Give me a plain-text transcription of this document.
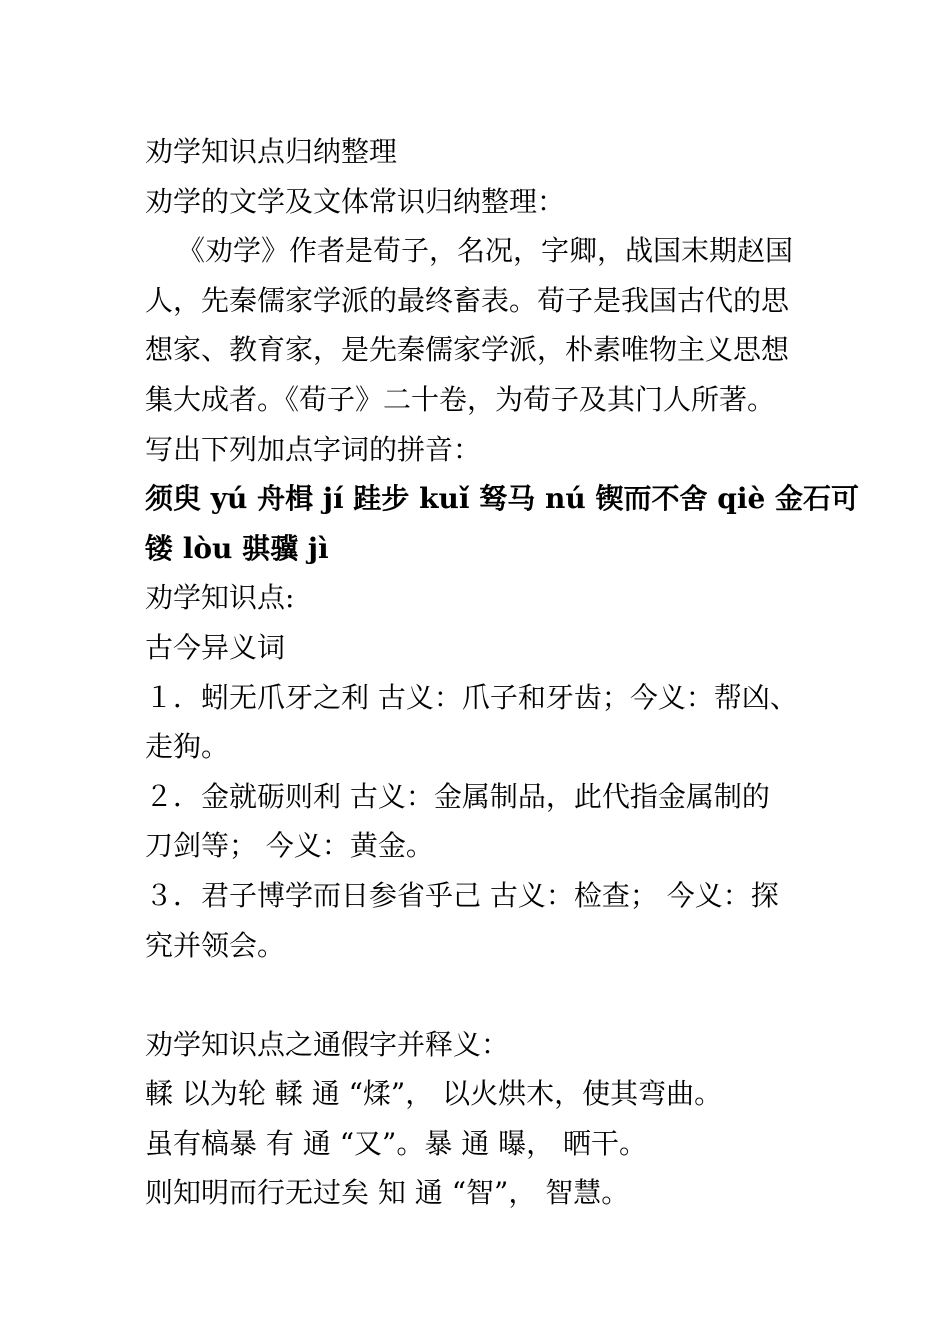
劝学知识点归纳整理
劝学的文学及文体常识归纳整理：
《劝学》作者是荀子，名况，字卿，战国末期赵国
人，先秦儒家学派的最终畜表。荀子是我国古代的思
想家、教育家，是先秦儒家学派，朴素唯物主义思想
集大成者。《荀子》二十卷，为荀子及其门人所著。
写出下列加点字词的拼音：
须臾 yú 舟楫 jí 跬步 kuǐ 驽马 nú 锲而不舍 qiè 金石可
镂 lòu 骐骥 jì
劝学知识点:
古今异义词
１．蚓无爪牙之利 古义：爪子和牙齿；今义：帮凶、
走狗。
２．金就砺则利 古义：金属制品，此代指金属制的
刀剑等； 今义：黄金。
３．君子博学而日参省乎己 古义：检查； 今义：探
究并领会。
劝学知识点之通假字并释义：
輮 以为轮 輮 通 “煣”， 以火烘木，使其弯曲。
虽有槁暴 有 通 “又”。暴 通 曝， 晒干。
则知明而行无过矣 知 通 “智”， 智慧。
